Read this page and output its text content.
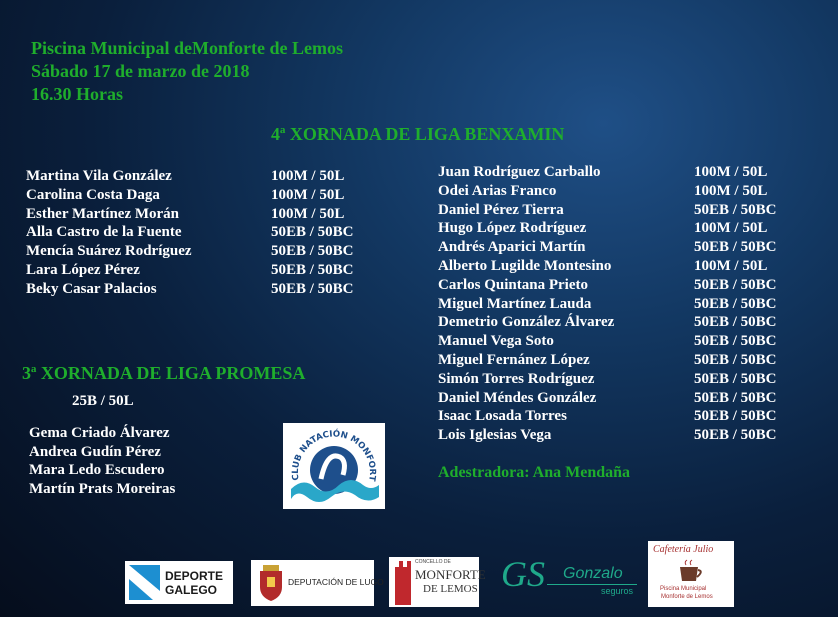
Piscina Municipal deMonforte de Lemos
Sábado 17 de marzo de 2018
16.30 Horas
4ª XORNADA DE LIGA BENXAMIN
Martina Vila González	100M / 50L
Carolina Costa Daga	100M / 50L
Esther Martínez Morán	100M / 50L
Alla Castro de la Fuente	50EB / 50BC
Mencía Suárez Rodríguez	50EB / 50BC
Lara López Pérez	50EB / 50BC
Beky Casar Palacios	50EB / 50BC
Juan Rodríguez Carballo	100M / 50L
Odei Arias Franco	100M / 50L
Daniel Pérez Tierra	50EB / 50BC
Hugo López Rodríguez	100M / 50L
Andrés Aparici Martín	50EB / 50BC
Alberto Lugilde Montesino	100M / 50L
Carlos Quintana Prieto	50EB / 50BC
Miguel Martínez Lauda	50EB / 50BC
Demetrio González Álvarez	50EB / 50BC
Manuel Vega Soto	50EB / 50BC
Miguel Fernánez López	50EB / 50BC
Simón Torres Rodríguez	50EB / 50BC
Daniel Méndes González	50EB / 50BC
Isaac Losada Torres	50EB / 50BC
Lois Iglesias Vega	50EB / 50BC
3ª XORNADA DE LIGA PROMESA
25B / 50L
Gema Criado Álvarez
Andrea Gudín Pérez
Mara Ledo Escudero
Martín Prats Moreiras
Adestradora: Ana Mendaña
CLUB NATACIÓN MONFORT
DEPORTE
GALEGO
DEPUTACIÓN DE LUGO
CONCELLO DE
MONFORTE
DE LEMOS GS Gonzalo
seguros
Cafetería Julio
Piscina Municipal
Monforte de Lemos
